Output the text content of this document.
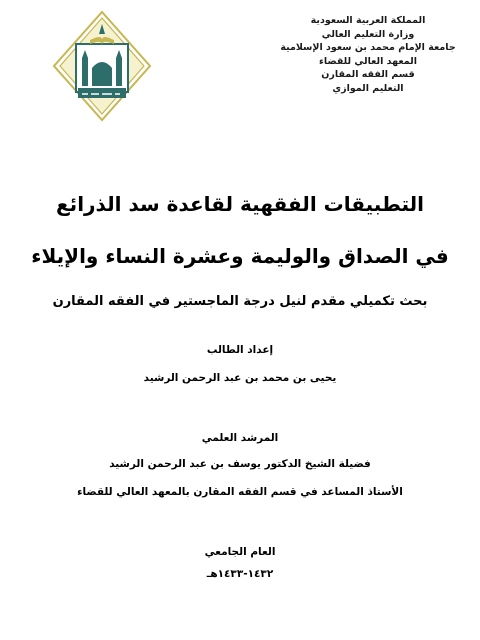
المملكة العربية السعودية
وزارة التعليم العالي
جامعة الإمام محمد بن سعود الإسلامية
المعهد العالي للقضاء
قسم الفقه المقارن
التعليم الموازي
التطبيقات الفقهية لقاعدة سد الذرائع
في الصداق والوليمة وعشرة النساء والإيلاء
بحث تكميلي مقدم لنيل درجة الماجستير في الفقه المقارن
إعداد الطالب
يحيى بن محمد بن عبد الرحمن الرشيد
المرشد العلمي
فضيلة الشيخ الدكتور يوسف بن عبد الرحمن الرشيد
الأستاذ المساعد في قسم الفقه المقارن بالمعهد العالي للقضاء
العام الجامعي
١٤٣٢-١٤٣٣هـ
